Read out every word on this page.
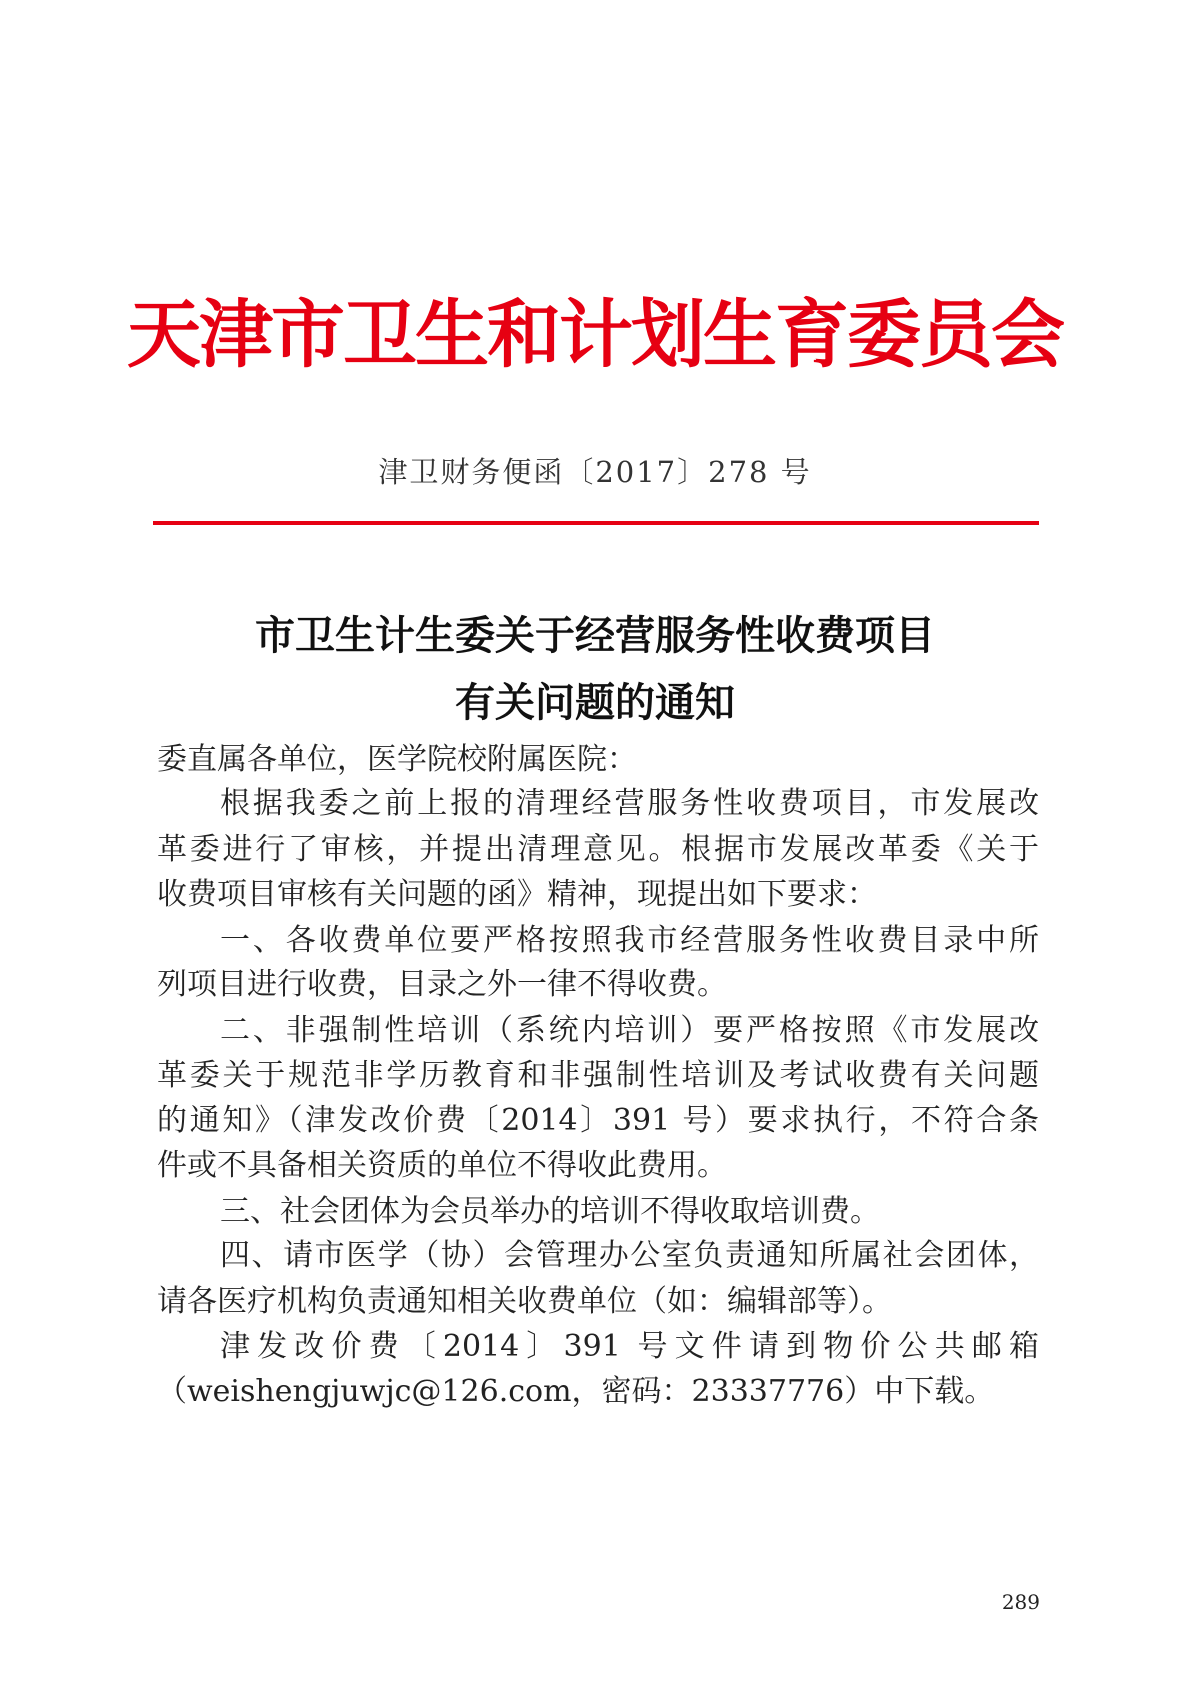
天津市卫生和计划生育委员会
津卫财务便函〔2017〕278 号
市卫生计生委关于经营服务性收费项目
有关问题的通知
委直属各单位，医学院校附属医院：
根据我委之前上报的清理经营服务性收费项目，市发展改
革委进行了审核，并提出清理意见。根据市发展改革委《关于
收费项目审核有关问题的函》精神，现提出如下要求：
一、各收费单位要严格按照我市经营服务性收费目录中所
列项目进行收费，目录之外一律不得收费。
二、非强制性培训（系统内培训）要严格按照《市发展改
革委关于规范非学历教育和非强制性培训及考试收费有关问题
的通知》（津发改价费〔2014〕391 号）要求执行，不符合条
件或不具备相关资质的单位不得收此费用。
三、社会团体为会员举办的培训不得收取培训费。
四、请市医学（协）会管理办公室负责通知所属社会团体，
请各医疗机构负责通知相关收费单位（如：编辑部等）。
津发改价费〔2014〕391 号文件请到物价公共邮箱
（weishengjuwjc@126.com，密码：23337776）中下载。
289
